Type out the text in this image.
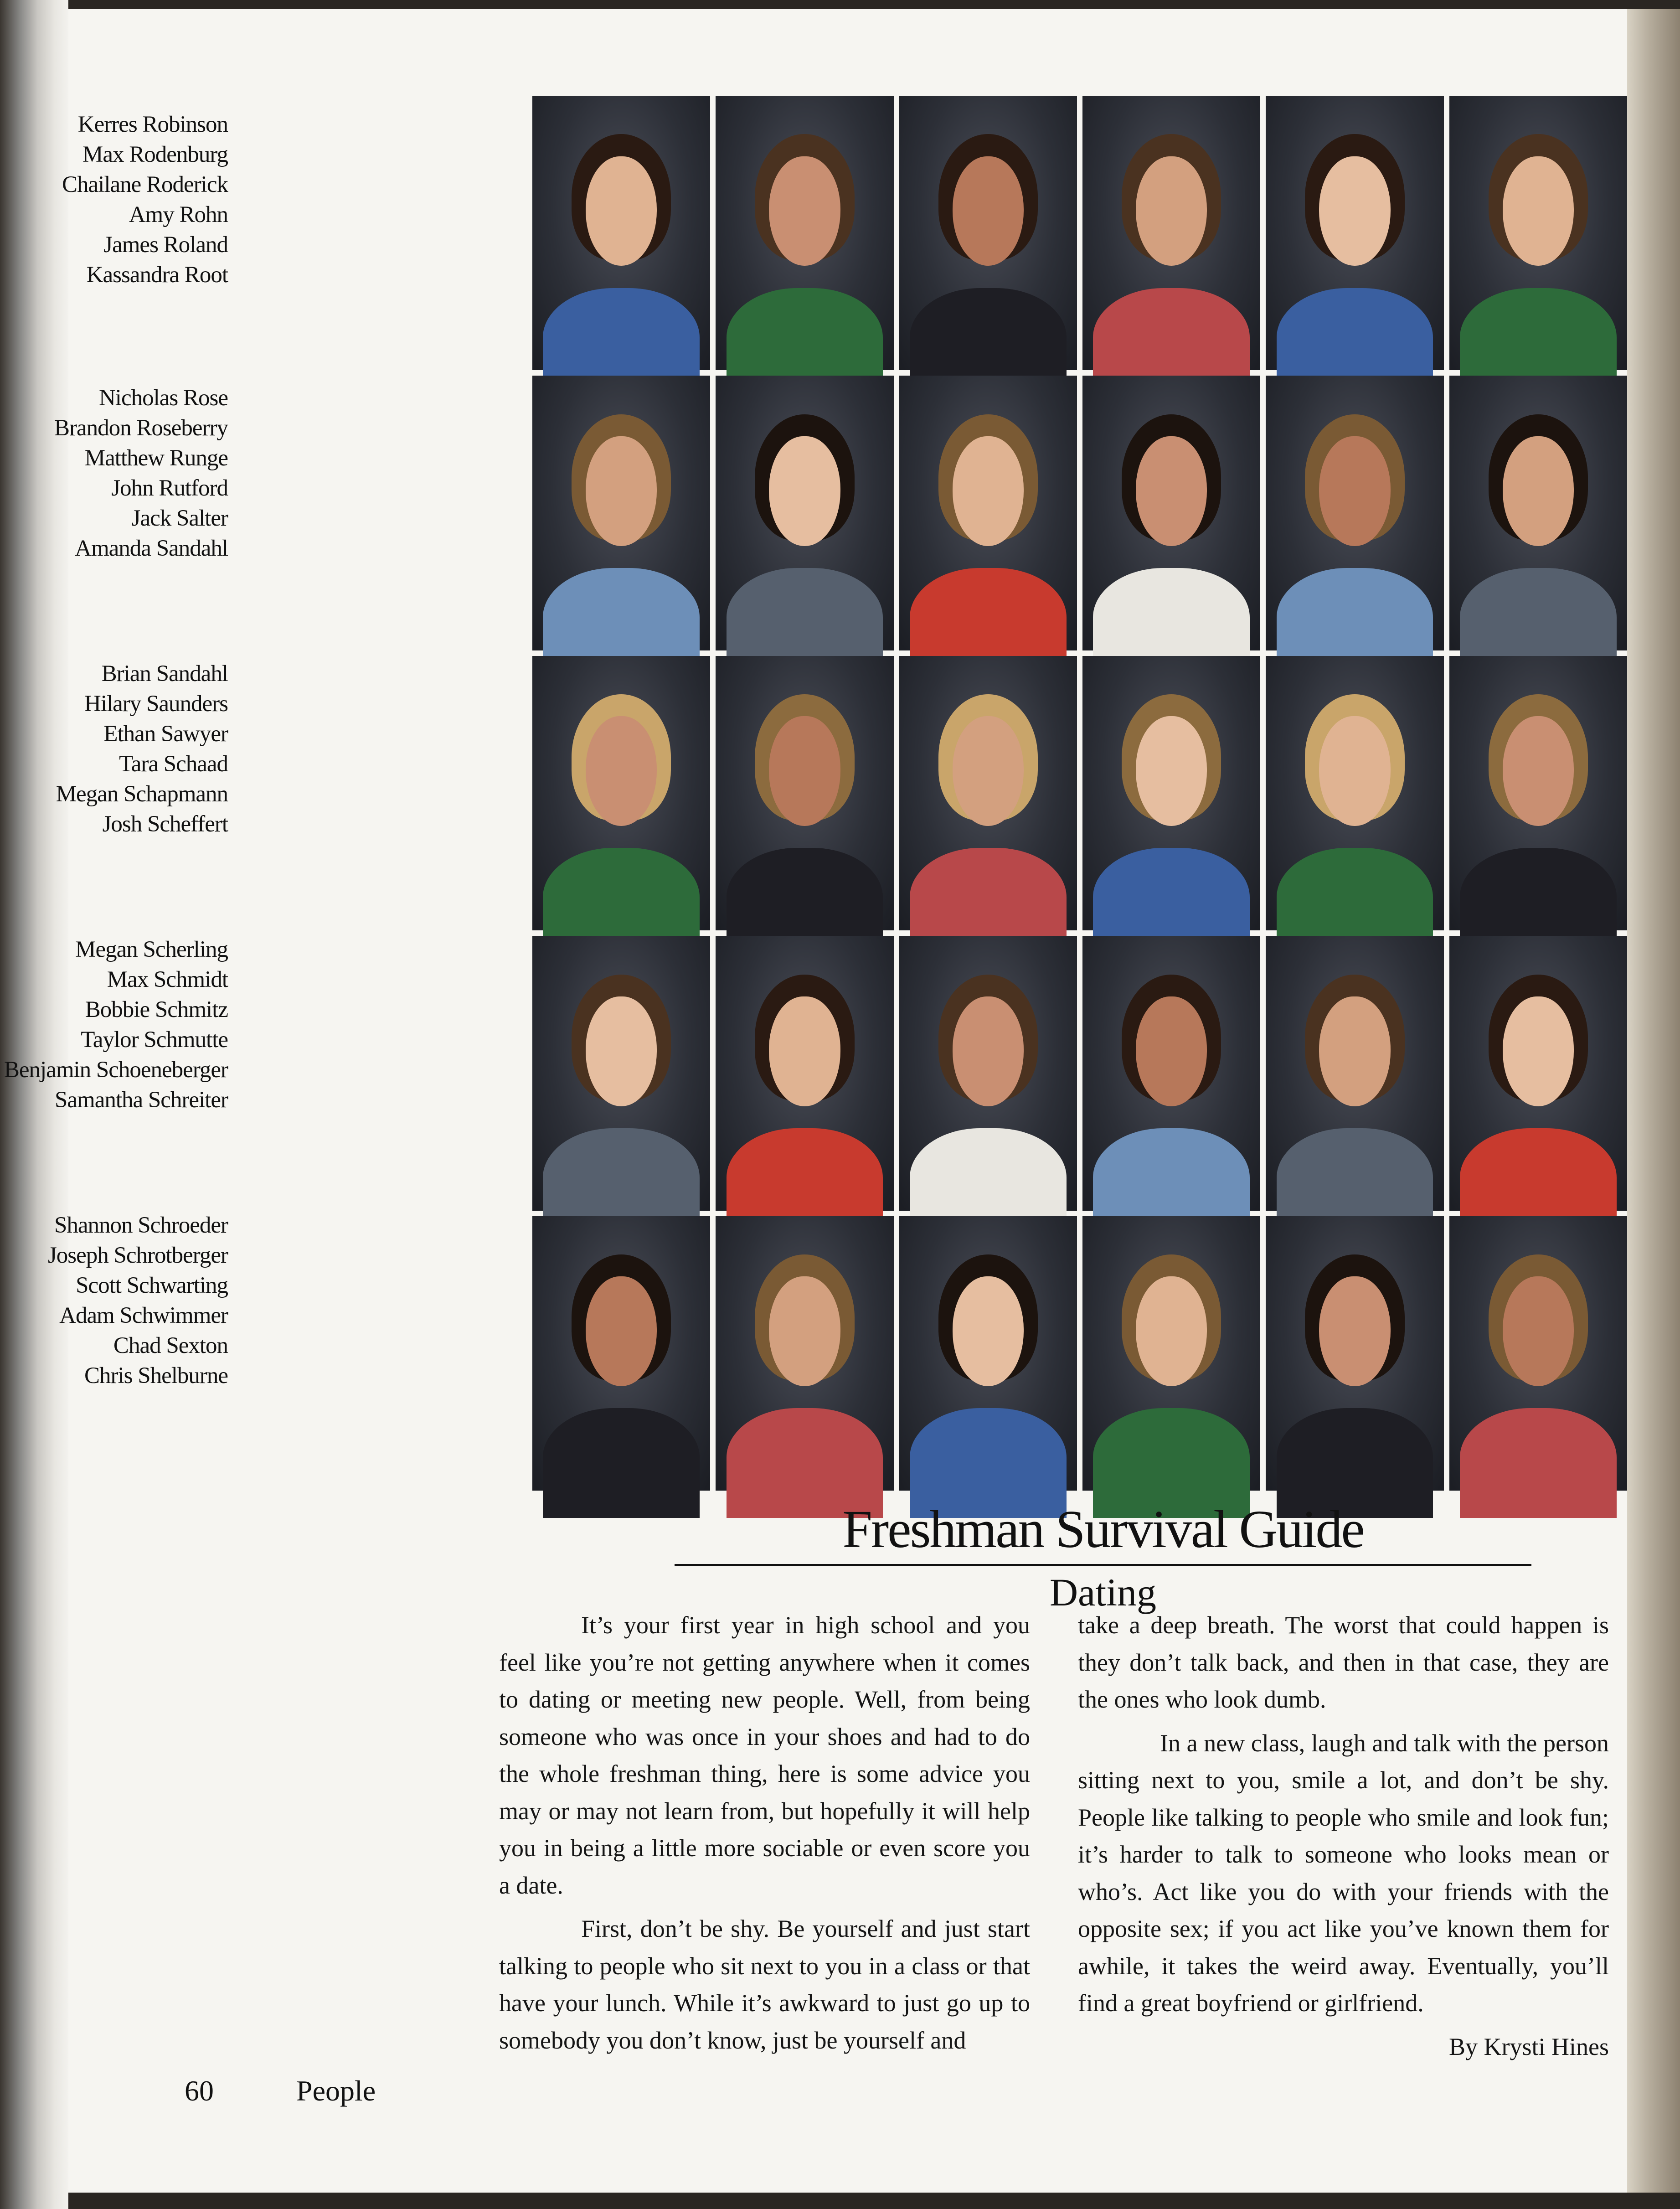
Kerres Robinson
Max Rodenburg
Chailane Roderick
Amy Rohn
James Roland
Kassandra Root
Nicholas Rose
Brandon Roseberry
Matthew Runge
John Rutford
Jack Salter
Amanda Sandahl
Brian Sandahl
Hilary Saunders
Ethan Sawyer
Tara Schaad
Megan Schapmann
Josh Scheffert
Megan Scherling
Max Schmidt
Bobbie Schmitz
Taylor Schmutte
Benjamin Schoeneberger
Samantha Schreiter
Shannon Schroeder
Joseph Schrotberger
Scott Schwarting
Adam Schwimmer
Chad Sexton
Chris Shelburne
Freshman Survival Guide
Dating

It’s your first year in high school and you feel like you’re not getting anywhere when it comes to dating or meeting new people. Well, from being someone who was once in your shoes and had to do the whole freshman thing, here is some advice you may or may not learn from, but hopefully it will help you in being a little more sociable or even score you a date.

First, don’t be shy. Be yourself and just start talking to people who sit next to you in a class or that have your lunch. While it’s awkward to just go up to somebody you don’t know, just be yourself and

take a deep breath. The worst that could happen is they don’t talk back, and then in that case, they are the ones who look dumb.

In a new class, laugh and talk with the person sitting next to you, smile a lot, and don’t be shy. People like talking to people who smile and look fun; it’s harder to talk to someone who looks mean or who’s. Act like you do with your friends with the opposite sex; if you act like you’ve known them for awhile, it takes the weird away. Eventually, you’ll find a great boyfriend or girlfriend.

By Krysti Hines
60	People
